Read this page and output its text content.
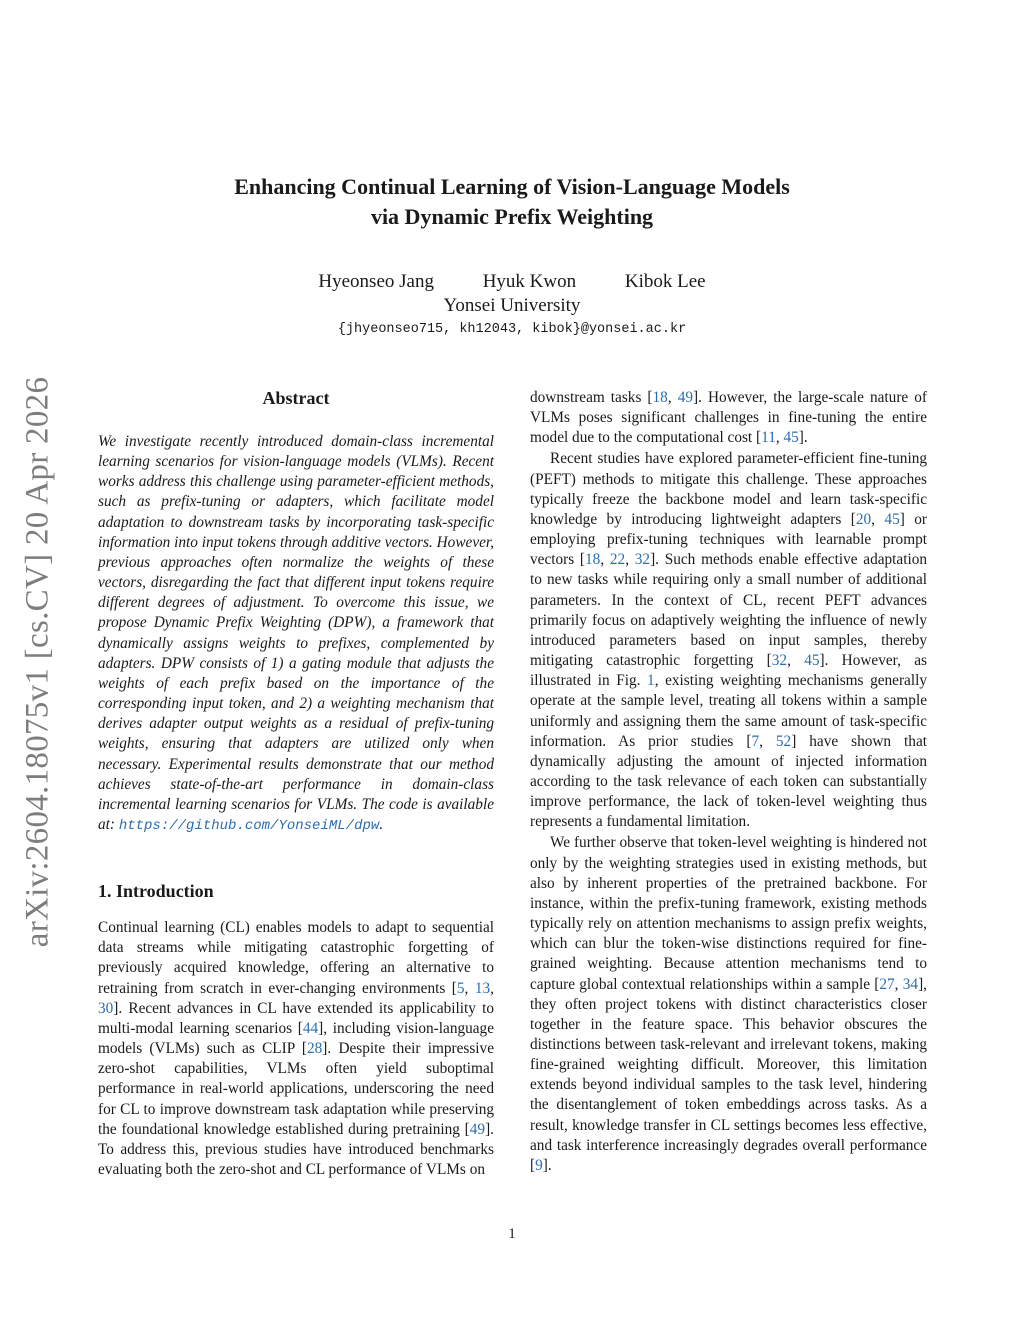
Enhancing Continual Learning of Vision-Language Models
via Dynamic Prefix Weighting
Hyeonseo Jang	Hyuk Kwon	Kibok Lee
Yonsei University
{jhyeonseo715, kh12043, kibok}@yonsei.ac.kr
arXiv:2604.18075v1 [cs.CV] 20 Apr 2026	Abstract

We investigate recently introduced domain-class incremental learning scenarios for vision-language models (VLMs). Recent works address this challenge using parameter-efficient methods, such as prefix-tuning or adapters, which facilitate model adaptation to downstream tasks by incorporating task-specific information into input tokens through additive vectors. However, previous approaches often normalize the weights of these vectors, disregarding the fact that different input tokens require different degrees of adjustment. To overcome this issue, we propose Dynamic Prefix Weighting (DPW), a framework that dynamically assigns weights to prefixes, complemented by adapters. DPW consists of 1) a gating module that adjusts the weights of each prefix based on the importance of the corresponding input token, and 2) a weighting mechanism that derives adapter output weights as a residual of prefix-tuning weights, ensuring that adapters are utilized only when necessary. Experimental results demonstrate that our method achieves state-of-the-art performance in domain-class incremental learning scenarios for VLMs. The code is available at: https://github.com/YonseiML/dpw.

1. Introduction

Continual learning (CL) enables models to adapt to sequential data streams while mitigating catastrophic forgetting of previously acquired knowledge, offering an alternative to retraining from scratch in ever-changing environments [5, 13, 30]. Recent advances in CL have extended its applicability to multi-modal learning scenarios [44], including vision-language models (VLMs) such as CLIP [28]. Despite their impressive zero-shot capabilities, VLMs often yield suboptimal performance in real-world applications, underscoring the need for CL to improve downstream task adaptation while preserving the foundational knowledge established during pretraining [49]. To address this, previous studies have introduced benchmarks evaluating both the zero-shot and CL performance of VLMs on

downstream tasks [18, 49]. However, the large-scale nature of VLMs poses significant challenges in fine-tuning the entire model due to the computational cost [11, 45].

Recent studies have explored parameter-efficient fine-tuning (PEFT) methods to mitigate this challenge. These approaches typically freeze the backbone model and learn task-specific knowledge by introducing lightweight adapters [20, 45] or employing prefix-tuning techniques with learnable prompt vectors [18, 22, 32]. Such methods enable effective adaptation to new tasks while requiring only a small number of additional parameters. In the context of CL, recent PEFT advances primarily focus on adaptively weighting the influence of newly introduced parameters based on input samples, thereby mitigating catastrophic forgetting [32, 45]. However, as illustrated in Fig. 1, existing weighting mechanisms generally operate at the sample level, treating all tokens within a sample uniformly and assigning them the same amount of task-specific information. As prior studies [7, 52] have shown that dynamically adjusting the amount of injected information according to the task relevance of each token can substantially improve performance, the lack of token-level weighting thus represents a fundamental limitation.

We further observe that token-level weighting is hindered not only by the weighting strategies used in existing methods, but also by inherent properties of the pretrained backbone. For instance, within the prefix-tuning framework, existing methods typically rely on attention mechanisms to assign prefix weights, which can blur the token-wise distinctions required for fine-grained weighting. Because attention mechanisms tend to capture global contextual relationships within a sample [27, 34], they often project tokens with distinct characteristics closer together in the feature space. This behavior obscures the distinctions between task-relevant and irrelevant tokens, making fine-grained weighting difficult. Moreover, this limitation extends beyond individual samples to the task level, hindering the disentanglement of token embeddings across tasks. As a result, knowledge transfer in CL settings becomes less effective, and task interference increasingly degrades overall performance [9].

1
